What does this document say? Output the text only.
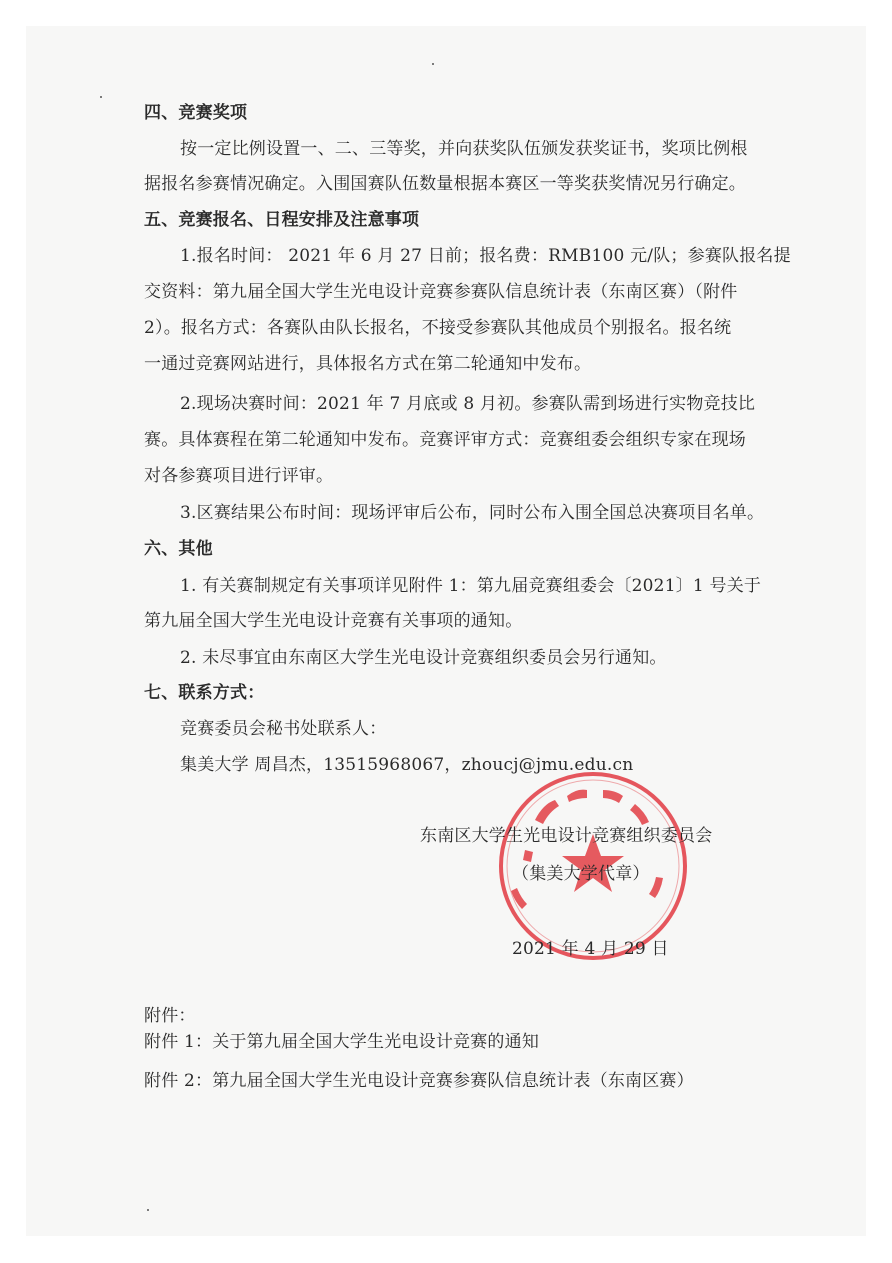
四、竞赛奖项
按一定比例设置一、二、三等奖，并向获奖队伍颁发获奖证书，奖项比例根
据报名参赛情况确定。入围国赛队伍数量根据本赛区一等奖获奖情况另行确定。
五、竞赛报名、日程安排及注意事项
1.报名时间： 2021 年 6 月 27 日前；报名费：RMB100 元/队；参赛队报名提
交资料：第九届全国大学生光电设计竞赛参赛队信息统计表（东南区赛）（附件
2）。报名方式：各赛队由队长报名，不接受参赛队其他成员个别报名。报名统
一通过竞赛网站进行，具体报名方式在第二轮通知中发布。
2.现场决赛时间：2021 年 7 月底或 8 月初。参赛队需到场进行实物竞技比
赛。具体赛程在第二轮通知中发布。竞赛评审方式：竞赛组委会组织专家在现场
对各参赛项目进行评审。
3.区赛结果公布时间：现场评审后公布，同时公布入围全国总决赛项目名单。
六、其他
1. 有关赛制规定有关事项详见附件 1：第九届竞赛组委会〔2021〕1 号关于
第九届全国大学生光电设计竞赛有关事项的通知。
2. 未尽事宜由东南区大学生光电设计竞赛组织委员会另行通知。
七、联系方式：
竞赛委员会秘书处联系人：
集美大学 周昌杰，13515968067，zhoucj@jmu.edu.cn
东南区大学生光电设计竞赛组织委员会
（集美大学代章）
2021 年 4 月 29 日
附件：
附件 1：关于第九届全国大学生光电设计竞赛的通知
附件 2：第九届全国大学生光电设计竞赛参赛队信息统计表（东南区赛）
